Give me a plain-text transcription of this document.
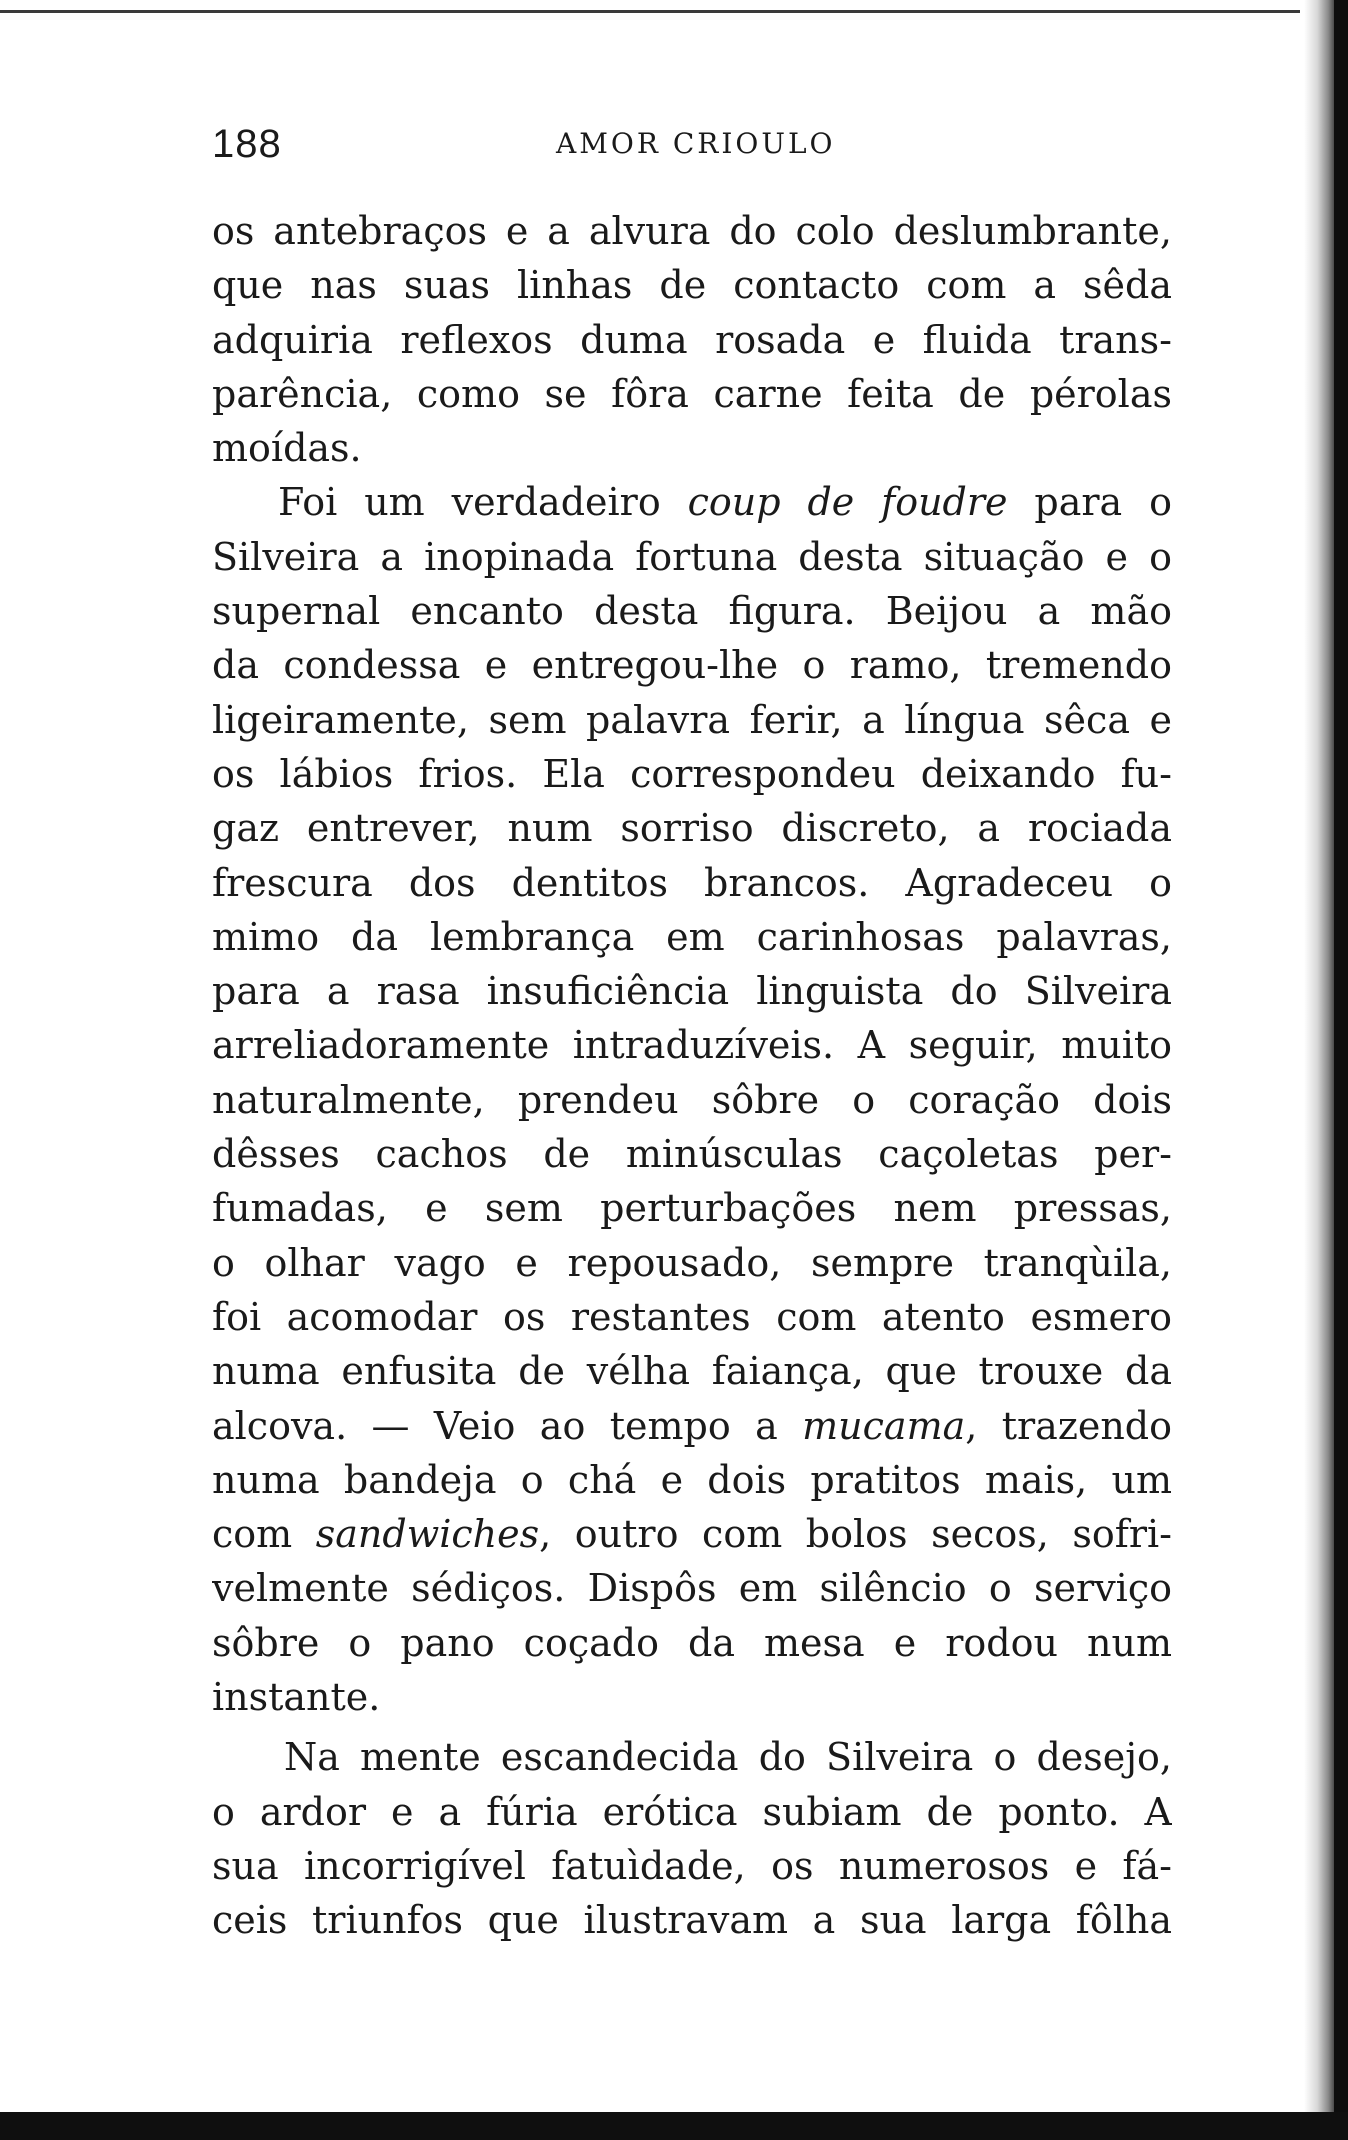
188	AMOR CRIOULO
os antebraços e a alvura do colo deslumbrante,
que nas suas linhas de contacto com a sêda
adquiria reflexos duma rosada e fluida trans-
parência, como se fôra carne feita de pérolas
moídas.
Foi um verdadeiro coup de foudre para o
Silveira a inopinada fortuna desta situação e o
supernal encanto desta figura. Beijou a mão
da condessa e entregou-lhe o ramo, tremendo
ligeiramente, sem palavra ferir, a língua sêca e
os lábios frios. Ela correspondeu deixando fu-
gaz entrever, num sorriso discreto, a rociada
frescura dos dentitos brancos. Agradeceu o
mimo da lembrança em carinhosas palavras,
para a rasa insuficiência linguista do Silveira
arreliadoramente intraduzíveis. A seguir, muito
naturalmente, prendeu sôbre o coração dois
dêsses cachos de minúsculas caçoletas per-
fumadas, e sem perturbações nem pressas,
o olhar vago e repousado, sempre tranqùila,
foi acomodar os restantes com atento esmero
numa enfusita de vélha faiança, que trouxe da
alcova. — Veio ao tempo a mucama, trazendo
numa bandeja o chá e dois pratitos mais, um
com sandwiches, outro com bolos secos, sofri-
velmente sédiços. Dispôs em silêncio o serviço
sôbre o pano coçado da mesa e rodou num
instante.
Na mente escandecida do Silveira o desejo,
o ardor e a fúria erótica subiam de ponto. A
sua incorrigível fatuìdade, os numerosos e fá-
ceis triunfos que ilustravam a sua larga fôlha
